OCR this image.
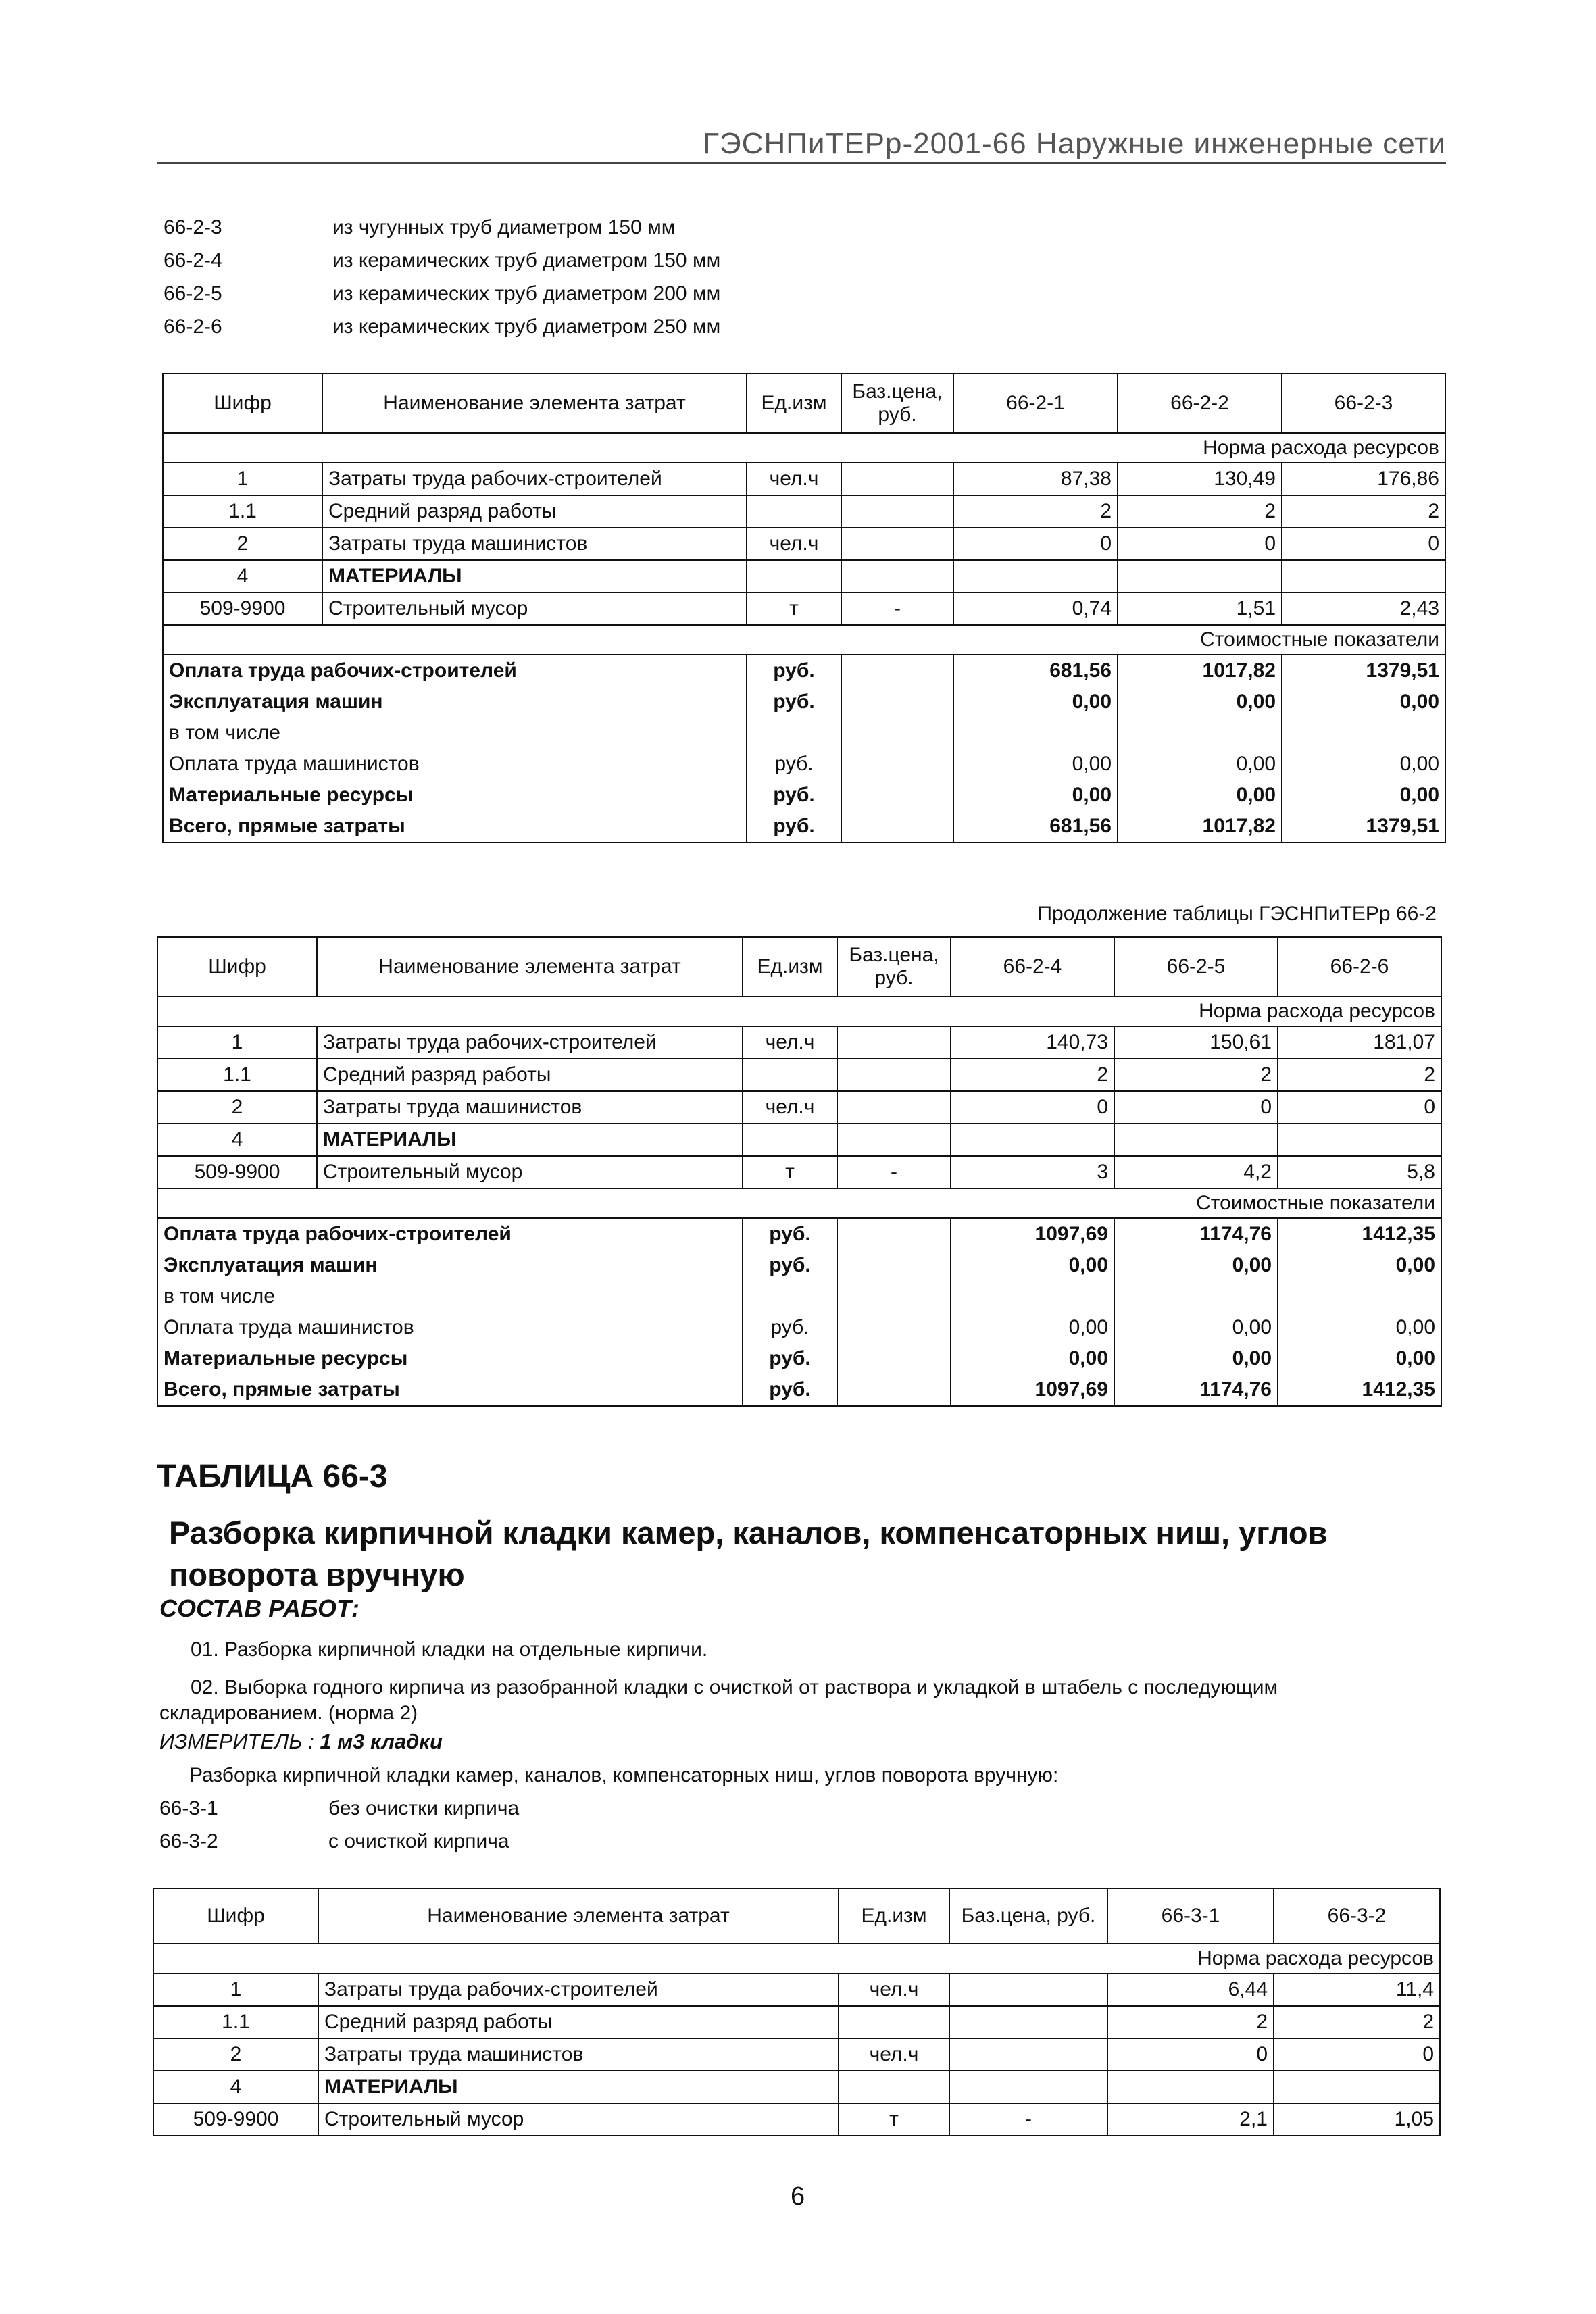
ГЭСНПиТЕРр-2001-66 Наружные инженерные сети
66-2-3	из чугунных труб диаметром 150 мм
66-2-4	из керамических труб диаметром 150 мм
66-2-5	из керамических труб диаметром 200 мм
66-2-6	из керамических труб диаметром 250 мм
Шифр	Наименование элемента затрат	Ед.изм	Баз.цена, руб.	66-2-1	66-2-2	66-2-3
Норма расхода ресурсов						
1	Затраты труда рабочих-строителей	чел.ч		87,38	130,49	176,86
1.1	Средний разряд работы			2	2	2
2	Затраты труда машинистов	чел.ч		0	0	0
4	МАТЕРИАЛЫ					
509-9900	Строительный мусор	т	-	0,74	1,51	2,43
Стоимостные показатели						
Оплата труда рабочих-строителей		руб.		681,56	1017,82	1379,51
Эксплуатация машин		руб.		0,00	0,00	0,00
в том числе						
Оплата труда машинистов		руб.		0,00	0,00	0,00
Материальные ресурсы		руб.		0,00	0,00	0,00
Всего, прямые затраты		руб.		681,56	1017,82	1379,51
Продолжение таблицы ГЭСНПиТЕРр 66-2
Шифр	Наименование элемента затрат	Ед.изм	Баз.цена, руб.	66-2-4	66-2-5	66-2-6
Норма расхода ресурсов						
1	Затраты труда рабочих-строителей	чел.ч		140,73	150,61	181,07
1.1	Средний разряд работы			2	2	2
2	Затраты труда машинистов	чел.ч		0	0	0
4	МАТЕРИАЛЫ					
509-9900	Строительный мусор	т	-	3	4,2	5,8
Стоимостные показатели						
Оплата труда рабочих-строителей		руб.		1097,69	1174,76	1412,35
Эксплуатация машин		руб.		0,00	0,00	0,00
в том числе						
Оплата труда машинистов		руб.		0,00	0,00	0,00
Материальные ресурсы		руб.		0,00	0,00	0,00
Всего, прямые затраты		руб.		1097,69	1174,76	1412,35
ТАБЛИЦА 66-3
Разборка кирпичной кладки камер, каналов, компенсаторных ниш, углов поворота вручную
СОСТАВ РАБОТ:
01. Разборка кирпичной кладки на отдельные кирпичи.
02. Выборка годного кирпича из разобранной кладки с очисткой от раствора и укладкой в штабель с последующим
складированием. (норма 2)
ИЗМЕРИТЕЛЬ : 1 м3 кладки
Разборка кирпичной кладки камер, каналов, компенсаторных ниш, углов поворота вручную:
66-3-1	без очистки кирпича
66-3-2	с очисткой кирпича
Шифр	Наименование элемента затрат	Ед.изм	Баз.цена, руб.	66-3-1	66-3-2
Норма расхода ресурсов					
1	Затраты труда рабочих-строителей	чел.ч		6,44	11,4
1.1	Средний разряд работы			2	2
2	Затраты труда машинистов	чел.ч		0	0
4	МАТЕРИАЛЫ				
509-9900	Строительный мусор	т	-	2,1	1,05
6
